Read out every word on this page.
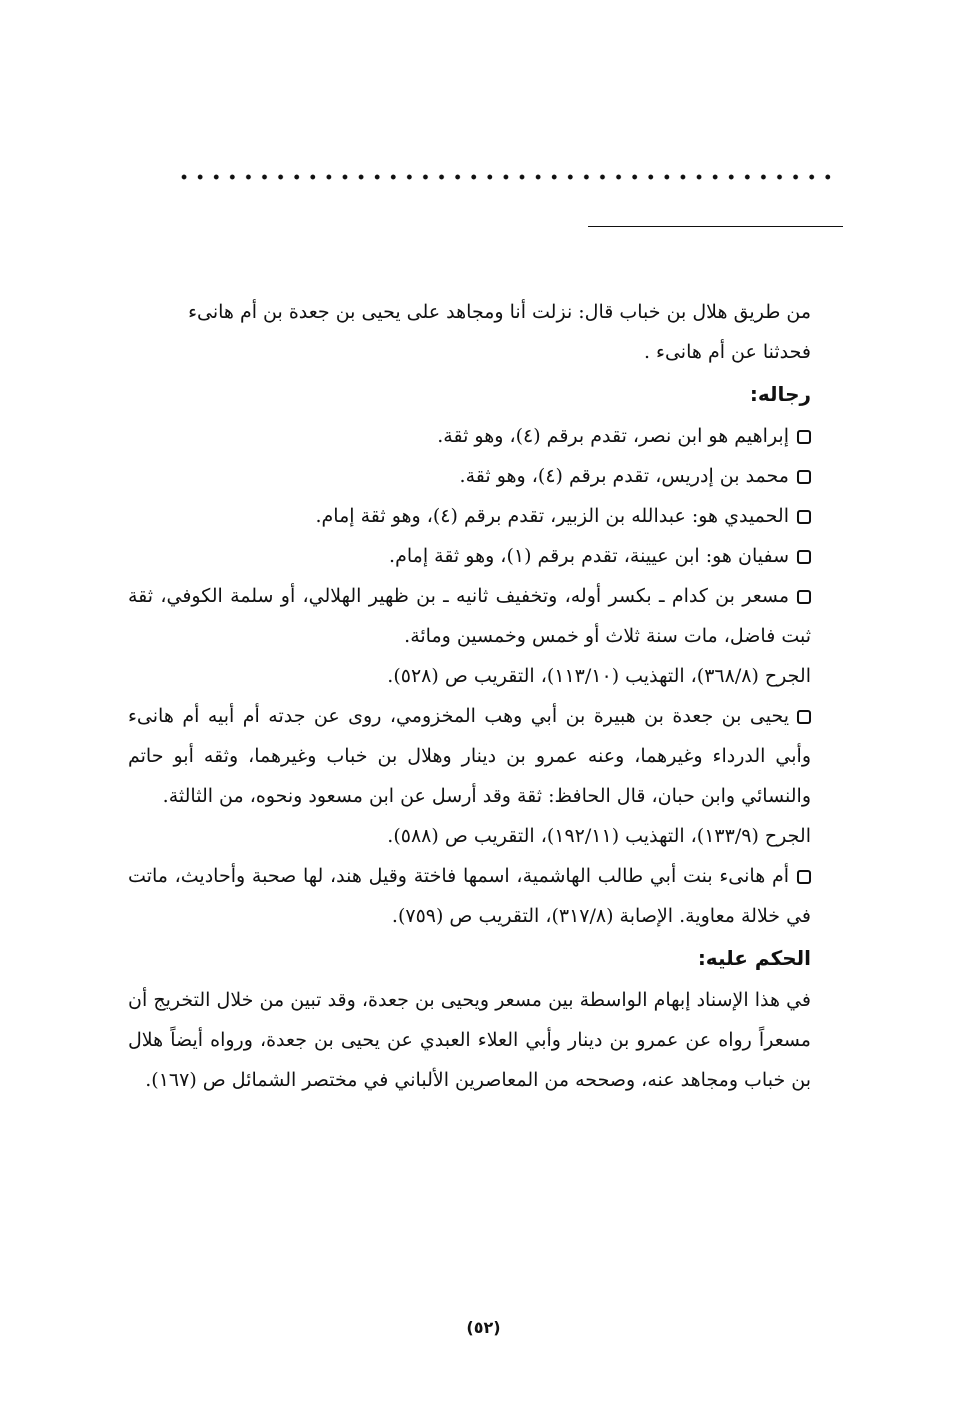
من طريق هلال بن خباب قال: نزلت أنا ومجاهد على يحيى بن جعدة بن أم هانىء

فحدثنا عن أم هانىء .

رجاله:

إبراهيم هو ابن نصر، تقدم برقم (٤)، وهو ثقة.

محمد بن إدريس، تقدم برقم (٤)، وهو ثقة.

الحميدي هو: عبدالله بن الزبير، تقدم برقم (٤)، وهو ثقة إمام.

سفيان هو: ابن عيينة، تقدم برقم (١)، وهو ثقة إمام.

مسعر بن كدام ـ بكسر أوله، وتخفيف ثانيه ـ بن ظهير الهلالي، أو سلمة الكوفي، ثقة ثبت فاضل، مات سنة ثلاث أو خمس وخمسين ومائة.

الجرح (٣٦٨/٨)، التهذيب (١١٣/١٠)، التقريب ص (٥٢٨).

يحيى بن جعدة بن هبيرة بن أبي وهب المخزومي، روى عن جدته أم أبيه أم هانىء وأبي الدرداء وغيرهما، وعنه عمرو بن دينار وهلال بن خباب وغيرهما، وثقه أبو حاتم والنسائي وابن حبان، قال الحافظ: ثقة وقد أرسل عن ابن مسعود ونحوه، من الثالثة.

الجرح (١٣٣/٩)، التهذيب (١٩٢/١١)، التقريب ص (٥٨٨).

أم هانىء بنت أبي طالب الهاشمية، اسمها فاختة وقيل هند، لها صحبة وأحاديث، ماتت في خلالة معاوية. الإصابة (٣١٧/٨)، التقريب ص (٧٥٩).

الحكم عليه:

في هذا الإسناد إبهام الواسطة بين مسعر ويحيى بن جعدة، وقد تبين من خلال التخريج أن مسعراً رواه عن عمرو بن دينار وأبي العلاء العبدي عن يحيى بن جعدة، ورواه أيضاً هلال بن خباب ومجاهد عنه، وصححه من المعاصرين الألباني في مختصر الشمائل ص (١٦٧).

(٥٢)
